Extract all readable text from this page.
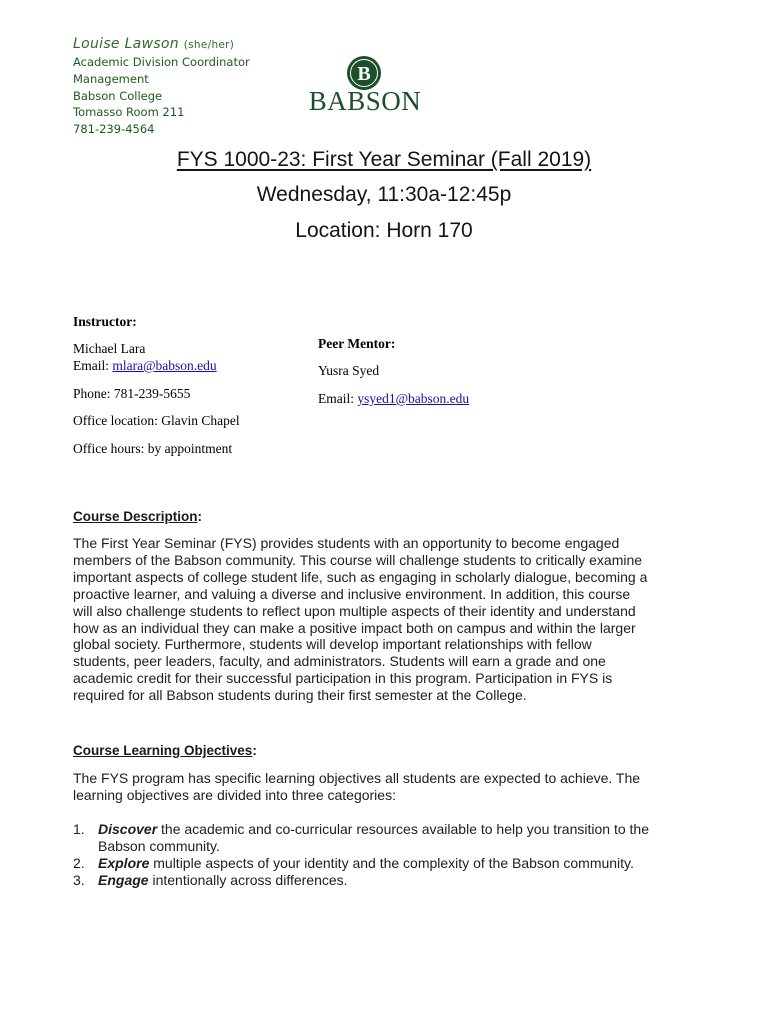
Louise Lawson (she/her)
Academic Division Coordinator
Management
Babson College
Tomasso Room 211
781-239-4564
B
BABSON
FYS 1000-23: First Year Seminar (Fall 2019)
Wednesday, 11:30a-12:45p
Location: Horn 170
Instructor:
Michael Lara
Email: mlara@babson.edu
Phone: 781-239-5655
Office location: Glavin Chapel
Office hours: by appointment
Peer Mentor:
Yusra Syed
Email: ysyed1@babson.edu
Course Description:
The First Year Seminar (FYS) provides students with an opportunity to become engaged
members of the Babson community. This course will challenge students to critically examine
important aspects of college student life, such as engaging in scholarly dialogue, becoming a
proactive learner, and valuing a diverse and inclusive environment. In addition, this course
will also challenge students to reflect upon multiple aspects of their identity and understand
how as an individual they can make a positive impact both on campus and within the larger
global society. Furthermore, students will develop important relationships with fellow
students, peer leaders, faculty, and administrators. Students will earn a grade and one
academic credit for their successful participation in this program. Participation in FYS is
required for all Babson students during their first semester at the College.
Course Learning Objectives:
The FYS program has specific learning objectives all students are expected to achieve. The
learning objectives are divided into three categories:
1. Discover the academic and co-curricular resources available to help you transition to the
Babson community.
2. Explore multiple aspects of your identity and the complexity of the Babson community.
3. Engage intentionally across differences.
